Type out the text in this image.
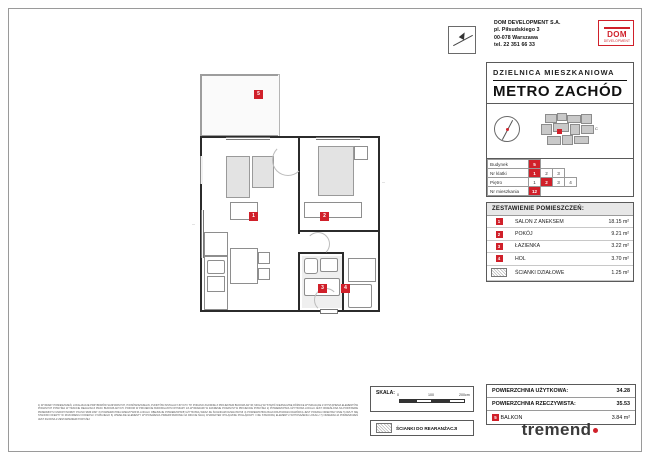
DOM DEVELOPMENT S.A.
pl. Piłsudskiego 3
00-078 Warszawa
tel. 22 351 66 33
DOM
DEVELOPMENT
DZIELNICA MIESZKANIOWA
METRO ZACHÓD
C
Budynek	5				
Nr klatki	1	2	3		
Piętro	1	2	3	4	
Nr mieszkania	12				
ZESTAWIENIE POMIESZCZEŃ:
1	SALON Z ANEKSEM	18.15 m²
2	POKÓJ	9.21 m²
3	ŁAZIENKA	3.22 m²
4	HOL	3.70 m²
	ŚCIANKI DZIAŁOWE	1.25 m²
—
—
1	2
3	4
5
1) WYMIARY POMIESZCZEŃ, LOKALIZACJE PRZYBORÓW SANITARNYCH, PIONÓW/SZCZELIN, PUNKTÓW INSTALACYJNYCH I TP. PODANO ZGODNIE Z PROJEKTEM BUDOWLANYM; MOGĄ WYSTĄPIĆ NIEZNACZNE RÓŻNICE WYNIKAJĄCE Z WYSTĄPIENIA ELEMENTÓW PODANYCH POWYŻEJ W TRAKCIE REALIZACJI PRAC BUDOWLANYCH. POZIOM W PROJEKCIE BUDOWLANYM WYMIARY ZA WYMIARAMI W ZAKRESIE PODANYM W PROJEKCIE POWYŻEJ 2) POWIERZCHNIA UŻYTKOWA LOKALU JEST OKREŚLONA NA PODSTAWIE PRZEDMIOTU UMOWY/NORMY PN-ISO 9836:1997 3) POWIERZCHNIA RZECZYWISTA LOKALU OBEJMUJE POWIERZCHNIĘ UŻYTKOWĄ WRAZ ZE ŚCIANKAMI DZIAŁOWYMI 4) POWIERZCHNIA BALKONU/TARASU/OGRÓDKA JEST PODANA ORIENTACYJNIE 5) RZUT NIE STANOWI OFERTY W ROZUMIENIU KODEKSU CYWILNEGO 6) WSZELKIE ELEMENTY WYPOSAŻENIA PRZEDSTAWIONE NA RZUCIE MAJĄ CHARAKTER WYŁĄCZNIE POGLĄDOWY I NIE STANOWIĄ ELEMENTU WYPOSAŻENIA LOKALU 7) NUMERACJA POMIESZCZEŃ JEST ZGODNA Z ZESTAWIENIEM POWYŻEJ
SKALA: 0	100	200cm
ŚCIANKI DO REARANŻACJI
POWIERZCHNIA UŻYTKOWA:	34.28
POWIERZCHNIA RZECZYWISTA:	35.53
5 BALKON	3.84 m²
tremend
